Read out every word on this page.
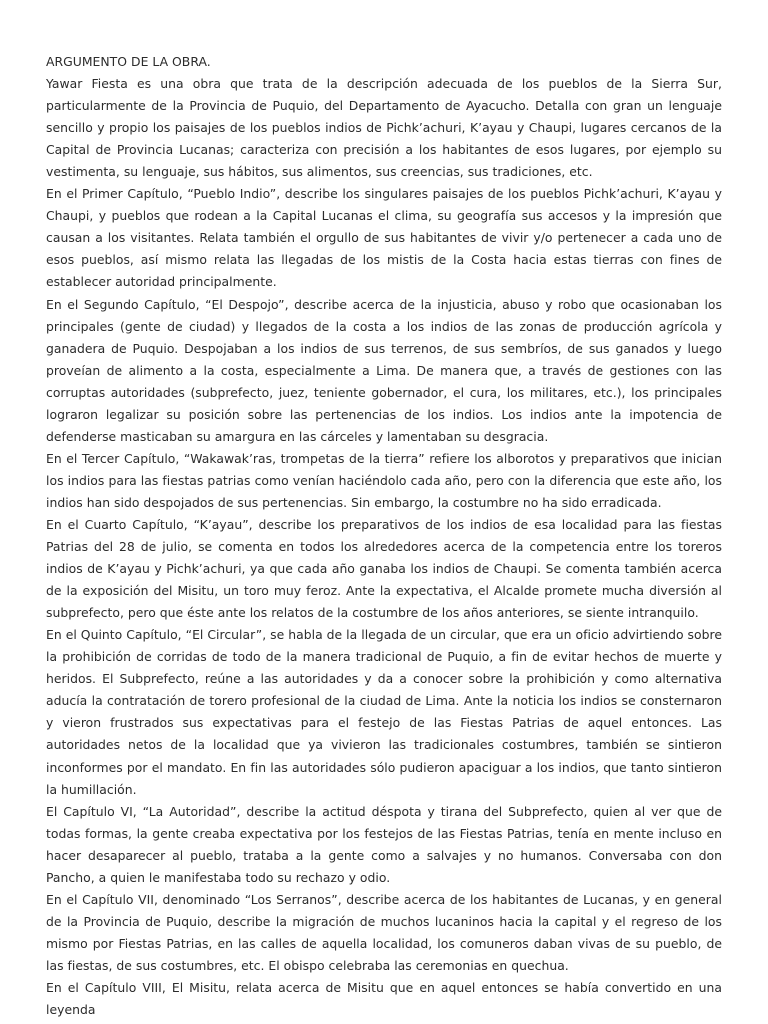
ARGUMENTO DE LA OBRA.

Yawar Fiesta es una obra que trata de la descripción adecuada de los pueblos de la Sierra Sur, particularmente de la Provincia de Puquio, del Departamento de Ayacucho. Detalla con gran un lenguaje sencillo y propio los paisajes de los pueblos indios de Pichk’achuri, K’ayau y Chaupi, lugares cercanos de la Capital de Provincia Lucanas; caracteriza con precisión a los habitantes de esos lugares, por ejemplo su vestimenta, su lenguaje, sus hábitos, sus alimentos, sus creencias, sus tradiciones, etc.

En el Primer Capítulo, “Pueblo Indio”, describe los singulares paisajes de los pueblos Pichk’achuri, K’ayau y Chaupi, y pueblos que rodean a la Capital Lucanas el clima, su geografía sus accesos y la impresión que causan a los visitantes. Relata también el orgullo de sus habitantes de vivir y/o pertenecer a cada uno de esos pueblos, así mismo relata las llegadas de los mistis de la Costa hacia estas tierras con fines de establecer autoridad principalmente.

En el Segundo Capítulo, “El Despojo”, describe acerca de la injusticia, abuso y robo que ocasionaban los principales (gente de ciudad) y llegados de la costa a los indios de las zonas de producción agrícola y ganadera de Puquio. Despojaban a los indios de sus terrenos, de sus sembríos, de sus ganados y luego proveían de alimento a la costa, especialmente a Lima. De manera que, a través de gestiones con las corruptas autoridades (subprefecto, juez, teniente gobernador, el cura, los militares, etc.), los principales lograron legalizar su posición sobre las pertenencias de los indios. Los indios ante la impotencia de defenderse masticaban su amargura en las cárceles y lamentaban su desgracia.

En el Tercer Capítulo, “Wakawak’ras, trompetas de la tierra” refiere los alborotos y preparativos que inician los indios para las fiestas patrias como venían haciéndolo cada año, pero con la diferencia que este año, los indios han sido despojados de sus pertenencias. Sin embargo, la costumbre no ha sido erradicada.

En el Cuarto Capítulo, “K’ayau”, describe los preparativos de los indios de esa localidad para las fiestas Patrias del 28 de julio, se comenta en todos los alrededores acerca de la competencia entre los toreros indios de K’ayau y Pichk’achuri, ya que cada año ganaba los indios de Chaupi. Se comenta también acerca de la exposición del Misitu, un toro muy feroz. Ante la expectativa, el Alcalde promete mucha diversión al subprefecto, pero que éste ante los relatos de la costumbre de los años anteriores, se siente intranquilo.

En el Quinto Capítulo, “El Circular”, se habla de la llegada de un circular, que era un oficio advirtiendo sobre la prohibición de corridas de todo de la manera tradicional de Puquio, a fin de evitar hechos de muerte y heridos. El Subprefecto, reúne a las autoridades y da a conocer sobre la prohibición y como alternativa aducía la contratación de torero profesional de la ciudad de Lima. Ante la noticia los indios se consternaron y vieron frustrados sus expectativas para el festejo de las Fiestas Patrias de aquel entonces. Las autoridades netos de la localidad que ya vivieron las tradicionales costumbres, también se sintieron inconformes por el mandato. En fin las autoridades sólo pudieron apaciguar a los indios, que tanto sintieron la humillación.

El Capítulo VI, “La Autoridad”, describe la actitud déspota y tirana del Subprefecto, quien al ver que de todas formas, la gente creaba expectativa por los festejos de las Fiestas Patrias, tenía en mente incluso en hacer desaparecer al pueblo, trataba a la gente como a salvajes y no humanos. Conversaba con don Pancho, a quien le manifestaba todo su rechazo y odio.

En el Capítulo VII, denominado “Los Serranos”, describe acerca de los habitantes de Lucanas, y en general de la Provincia de Puquio, describe la migración de muchos lucaninos hacia la capital y el regreso de los mismo por Fiestas Patrias, en las calles de aquella localidad, los comuneros daban vivas de su pueblo, de las fiestas, de sus costumbres, etc. El obispo celebraba las ceremonias en quechua.

En el Capítulo VIII, El Misitu, relata acerca de Misitu que en aquel entonces se había convertido en una leyenda
